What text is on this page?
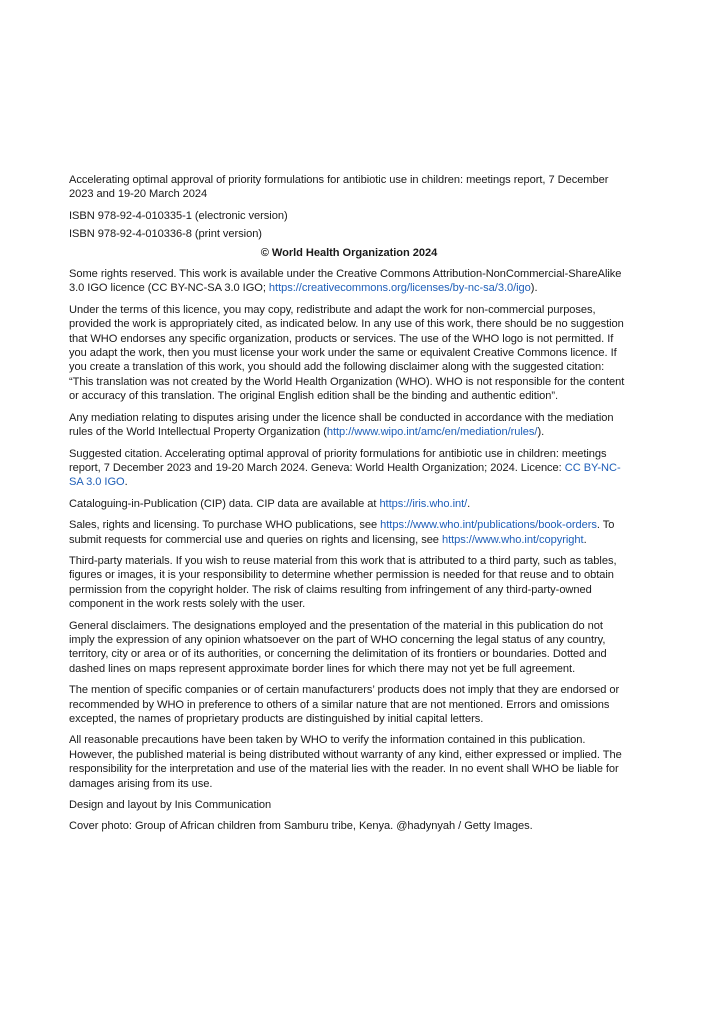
Accelerating optimal approval of priority formulations for antibiotic use in children: meetings report, 7 December 2023 and 19-20 March 2024

ISBN 978-92-4-010335-1 (electronic version)

ISBN 978-92-4-010336-8 (print version)

© World Health Organization 2024

Some rights reserved. This work is available under the Creative Commons Attribution-NonCommercial-ShareAlike 3.0 IGO licence (CC BY-NC-SA 3.0 IGO; https://creativecommons.org/licenses/by-nc-sa/3.0/igo).

Under the terms of this licence, you may copy, redistribute and adapt the work for non-commercial purposes, provided the work is appropriately cited, as indicated below. In any use of this work, there should be no suggestion that WHO endorses any specific organization, products or services. The use of the WHO logo is not permitted. If you adapt the work, then you must license your work under the same or equivalent Creative Commons licence. If you create a translation of this work, you should add the following disclaimer along with the suggested citation: “This translation was not created by the World Health Organization (WHO). WHO is not responsible for the content or accuracy of this translation. The original English edition shall be the binding and authentic edition”.

Any mediation relating to disputes arising under the licence shall be conducted in accordance with the mediation rules of the World Intellectual Property Organization (http://www.wipo.int/amc/en/mediation/rules/).

Suggested citation. Accelerating optimal approval of priority formulations for antibiotic use in children: meetings report, 7 December 2023 and 19-20 March 2024. Geneva: World Health Organization; 2024. Licence: CC BY-NC-SA 3.0 IGO.

Cataloguing-in-Publication (CIP) data. CIP data are available at https://iris.who.int/.

Sales, rights and licensing. To purchase WHO publications, see https://www.who.int/publications/book-orders. To submit requests for commercial use and queries on rights and licensing, see https://www.who.int/copyright.

Third-party materials. If you wish to reuse material from this work that is attributed to a third party, such as tables, figures or images, it is your responsibility to determine whether permission is needed for that reuse and to obtain permission from the copyright holder. The risk of claims resulting from infringement of any third-party-owned component in the work rests solely with the user.

General disclaimers. The designations employed and the presentation of the material in this publication do not imply the expression of any opinion whatsoever on the part of WHO concerning the legal status of any country, territory, city or area or of its authorities, or concerning the delimitation of its frontiers or boundaries. Dotted and dashed lines on maps represent approximate border lines for which there may not yet be full agreement.

The mention of specific companies or of certain manufacturers’ products does not imply that they are endorsed or recommended by WHO in preference to others of a similar nature that are not mentioned. Errors and omissions excepted, the names of proprietary products are distinguished by initial capital letters.

All reasonable precautions have been taken by WHO to verify the information contained in this publication. However, the published material is being distributed without warranty of any kind, either expressed or implied. The responsibility for the interpretation and use of the material lies with the reader. In no event shall WHO be liable for damages arising from its use.

Design and layout by Inis Communication

Cover photo: Group of African children from Samburu tribe, Kenya. @hadynyah / Getty Images.
